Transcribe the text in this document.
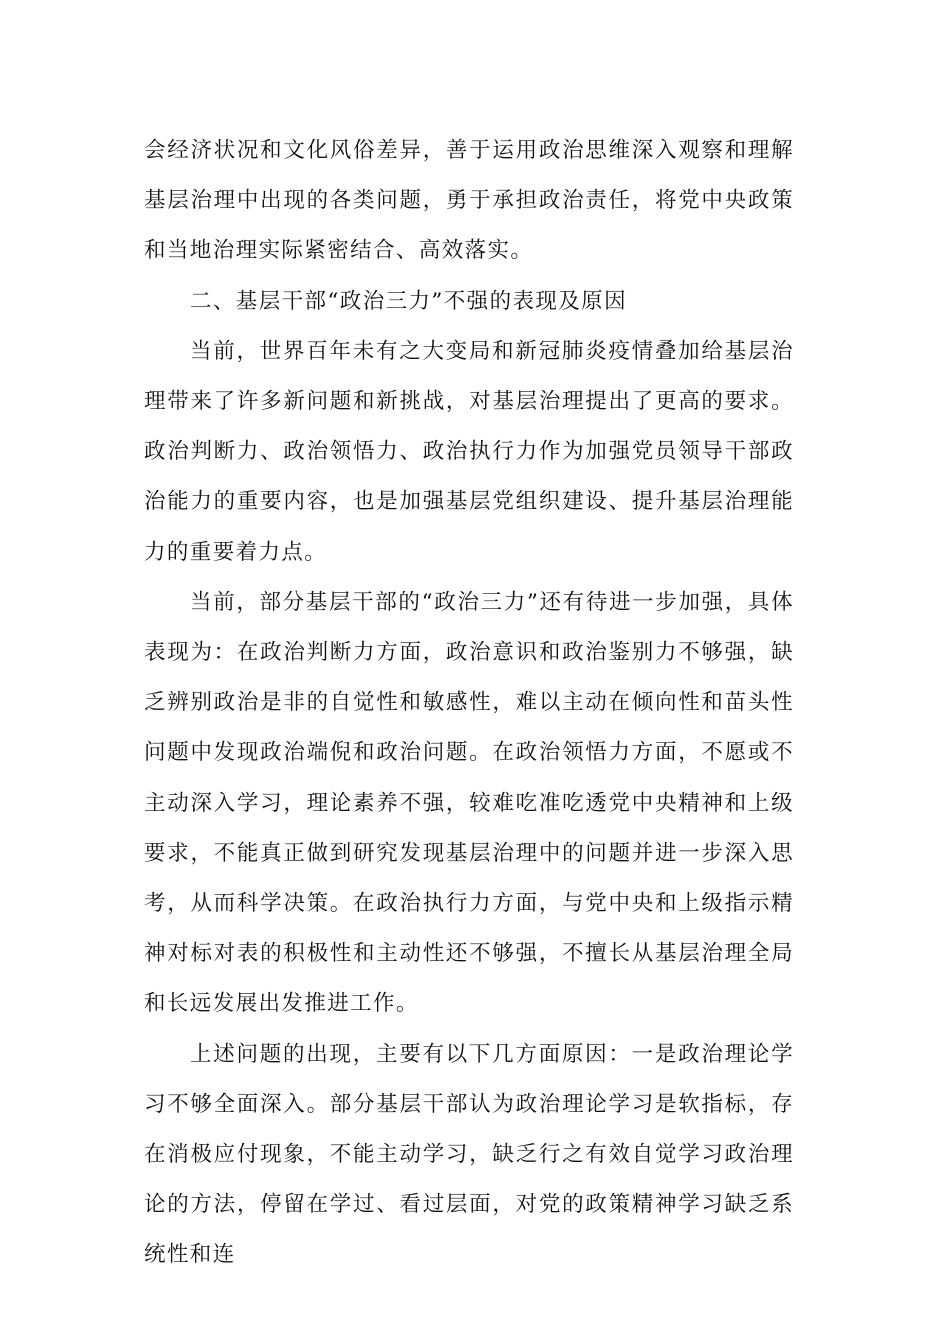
会经济状况和文化风俗差异，善于运用政治思维深入观察和理解基层治理中出现的各类问题，勇于承担政治责任，将党中央政策和当地治理实际紧密结合、高效落实。

二、基层干部“政治三力”不强的表现及原因

当前，世界百年未有之大变局和新冠肺炎疫情叠加给基层治理带来了许多新问题和新挑战，对基层治理提出了更高的要求。政治判断力、政治领悟力、政治执行力作为加强党员领导干部政治能力的重要内容，也是加强基层党组织建设、提升基层治理能力的重要着力点。

当前，部分基层干部的“政治三力”还有待进一步加强，具体表现为：在政治判断力方面，政治意识和政治鉴别力不够强，缺乏辨别政治是非的自觉性和敏感性，难以主动在倾向性和苗头性问题中发现政治端倪和政治问题。在政治领悟力方面，不愿或不主动深入学习，理论素养不强，较难吃准吃透党中央精神和上级要求，不能真正做到研究发现基层治理中的问题并进一步深入思考，从而科学决策。在政治执行力方面，与党中央和上级指示精神对标对表的积极性和主动性还不够强，不擅长从基层治理全局和长远发展出发推进工作。

上述问题的出现，主要有以下几方面原因：一是政治理论学习不够全面深入。部分基层干部认为政治理论学习是软指标，存在消极应付现象，不能主动学习，缺乏行之有效自觉学习政治理论的方法，停留在学过、看过层面，对党的政策精神学习缺乏系统性和连
